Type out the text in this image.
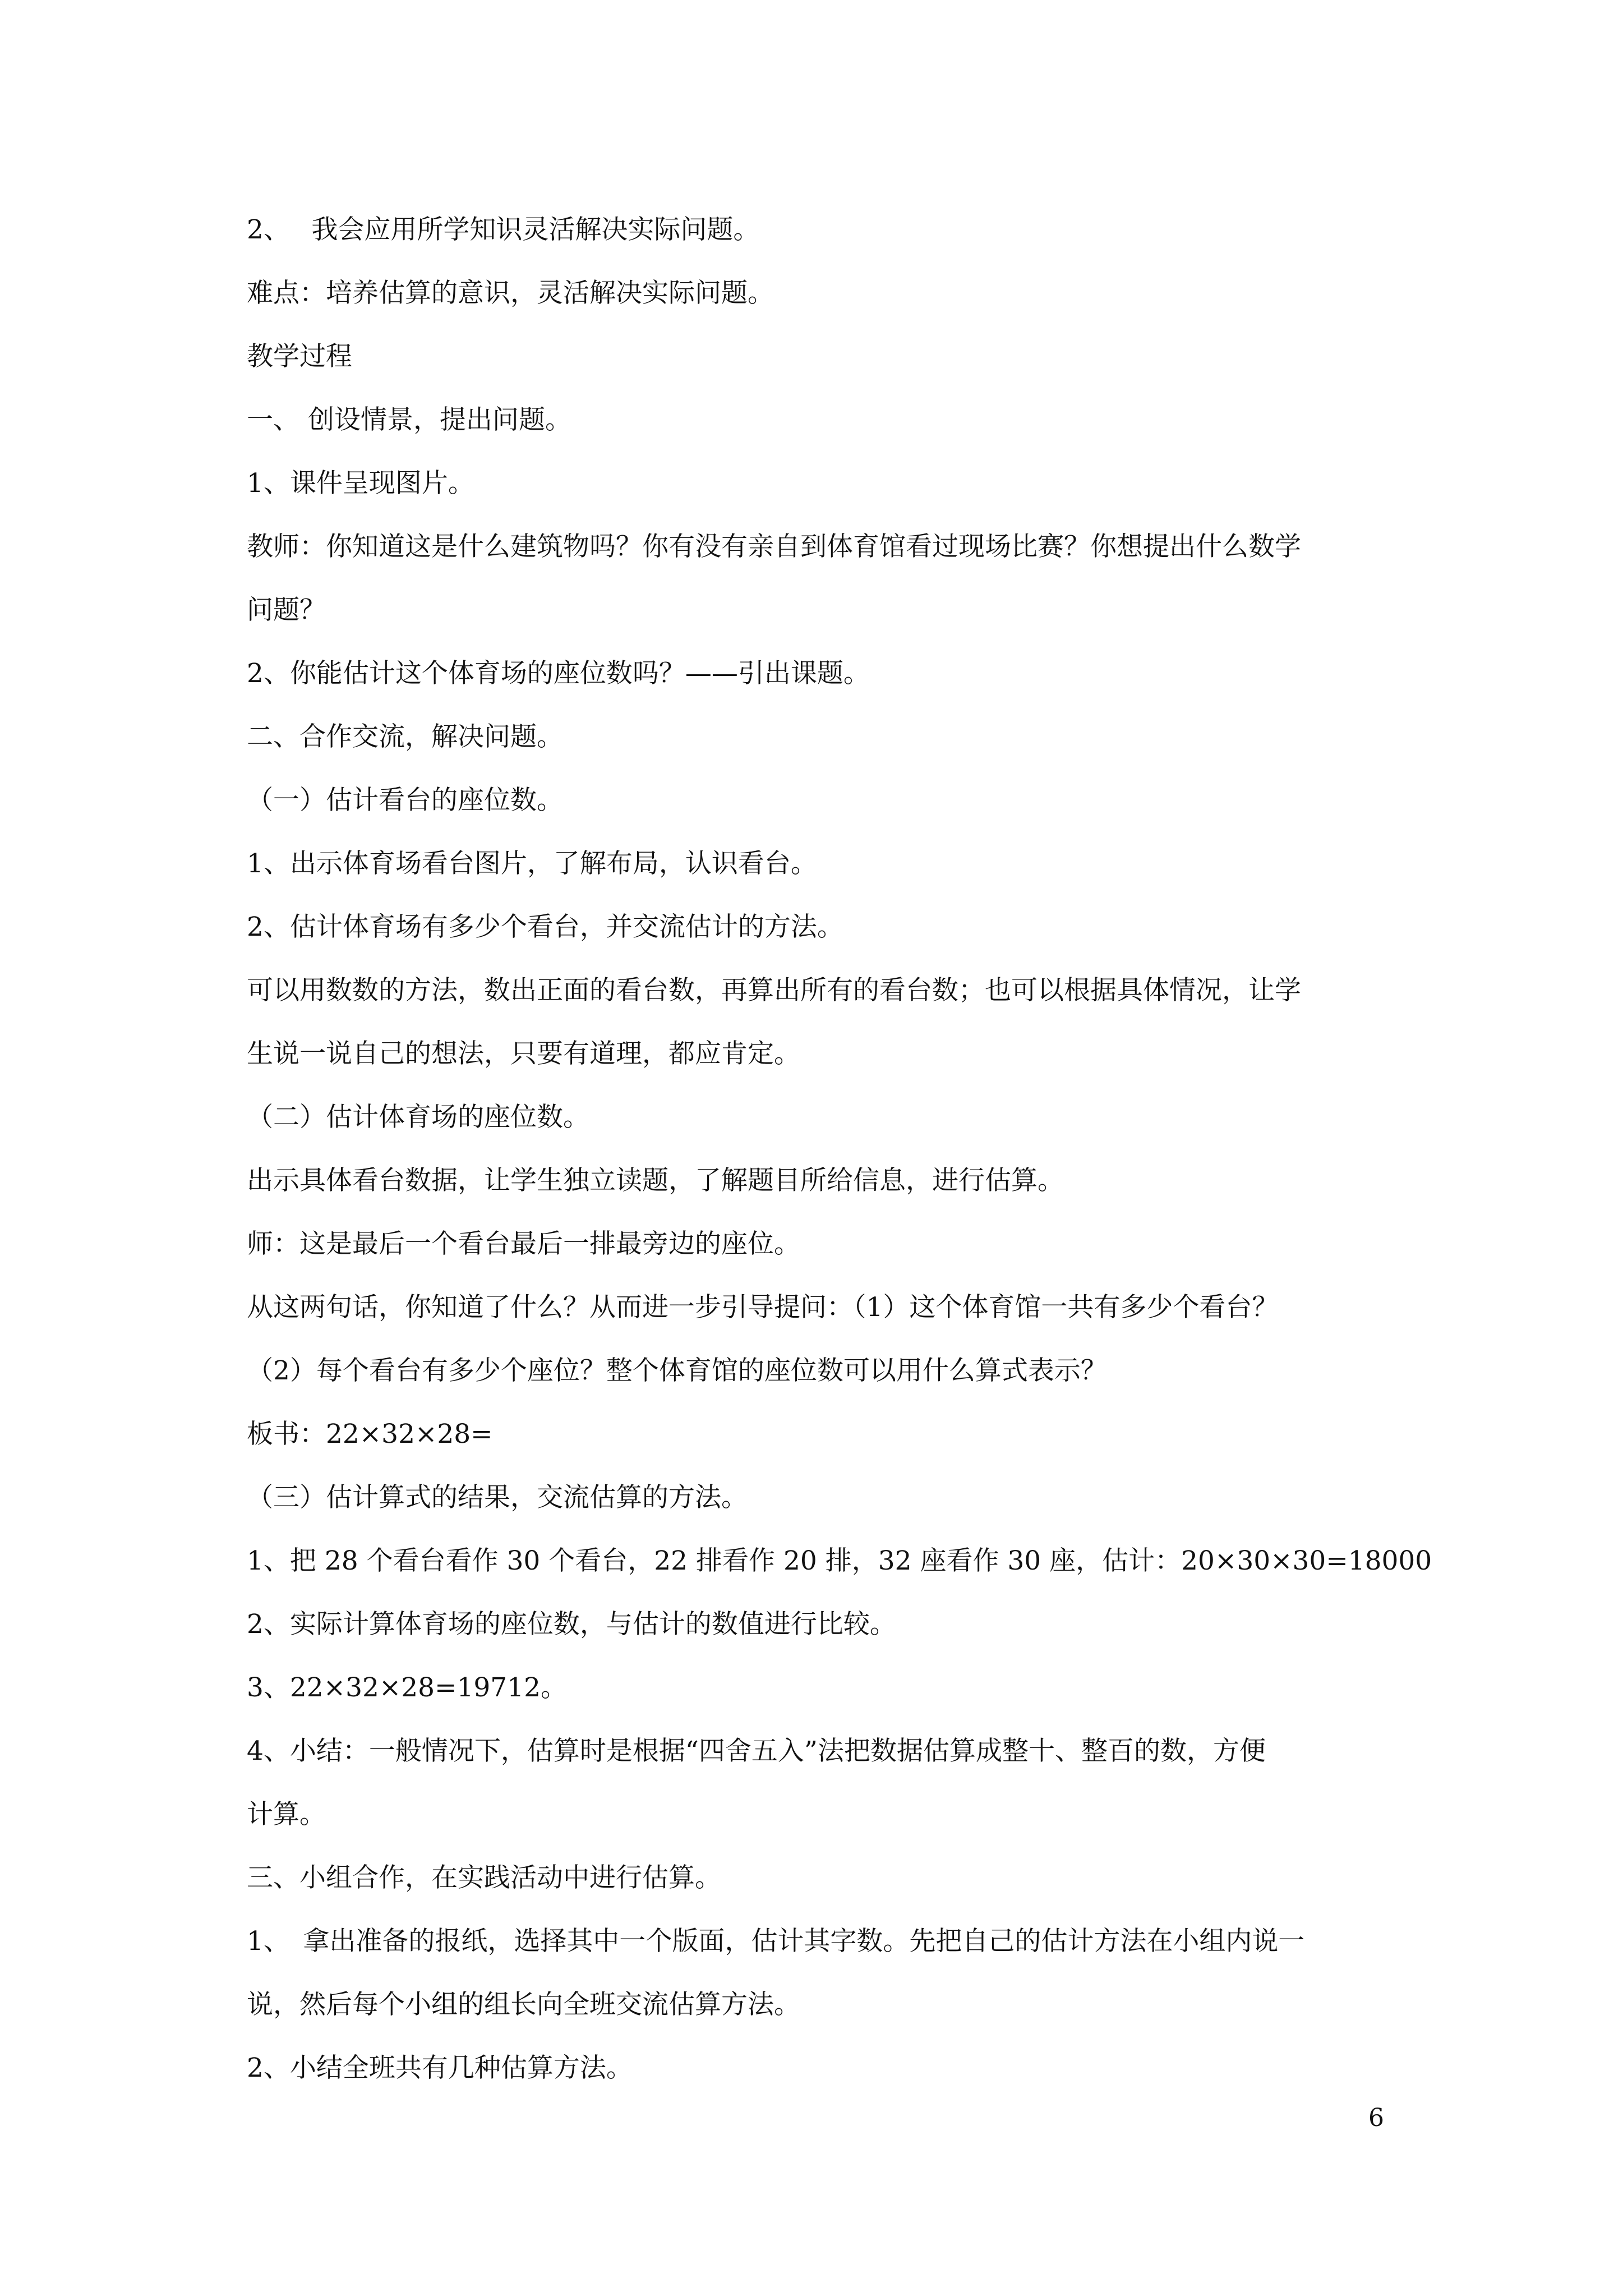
2、　 我会应用所学知识灵活解决实际问题。

难点：培养估算的意识，灵活解决实际问题。

教学过程

一、 创设情景，提出问题。

1、课件呈现图片。

教师：你知道这是什么建筑物吗？你有没有亲自到体育馆看过现场比赛？你想提出什么数学

问题？

2、你能估计这个体育场的座位数吗？——引出课题。

二、合作交流，解决问题。

（一）估计看台的座位数。

1、出示体育场看台图片，了解布局，认识看台。

2、估计体育场有多少个看台，并交流估计的方法。

可以用数数的方法，数出正面的看台数，再算出所有的看台数；也可以根据具体情况，让学

生说一说自己的想法，只要有道理，都应肯定。

（二）估计体育场的座位数。

出示具体看台数据，让学生独立读题，了解题目所给信息，进行估算。

师：这是最后一个看台最后一排最旁边的座位。

从这两句话，你知道了什么？从而进一步引导提问：（1）这个体育馆一共有多少个看台？

（2）每个看台有多少个座位？整个体育馆的座位数可以用什么算式表示？

板书：22×32×28=

（三）估计算式的结果，交流估算的方法。

1、把 28 个看台看作 30 个看台，22 排看作 20 排，32 座看作 30 座，估计：20×30×30=18000

2、实际计算体育场的座位数，与估计的数值进行比较。

3、22×32×28=19712。

4、小结：一般情况下，估算时是根据“四舍五入”法把数据估算成整十、整百的数，方便

计算。

三、小组合作，在实践活动中进行估算。

1、　拿出准备的报纸，选择其中一个版面，估计其字数。先把自己的估计方法在小组内说一

说，然后每个小组的组长向全班交流估算方法。

2、小结全班共有几种估算方法。

6
